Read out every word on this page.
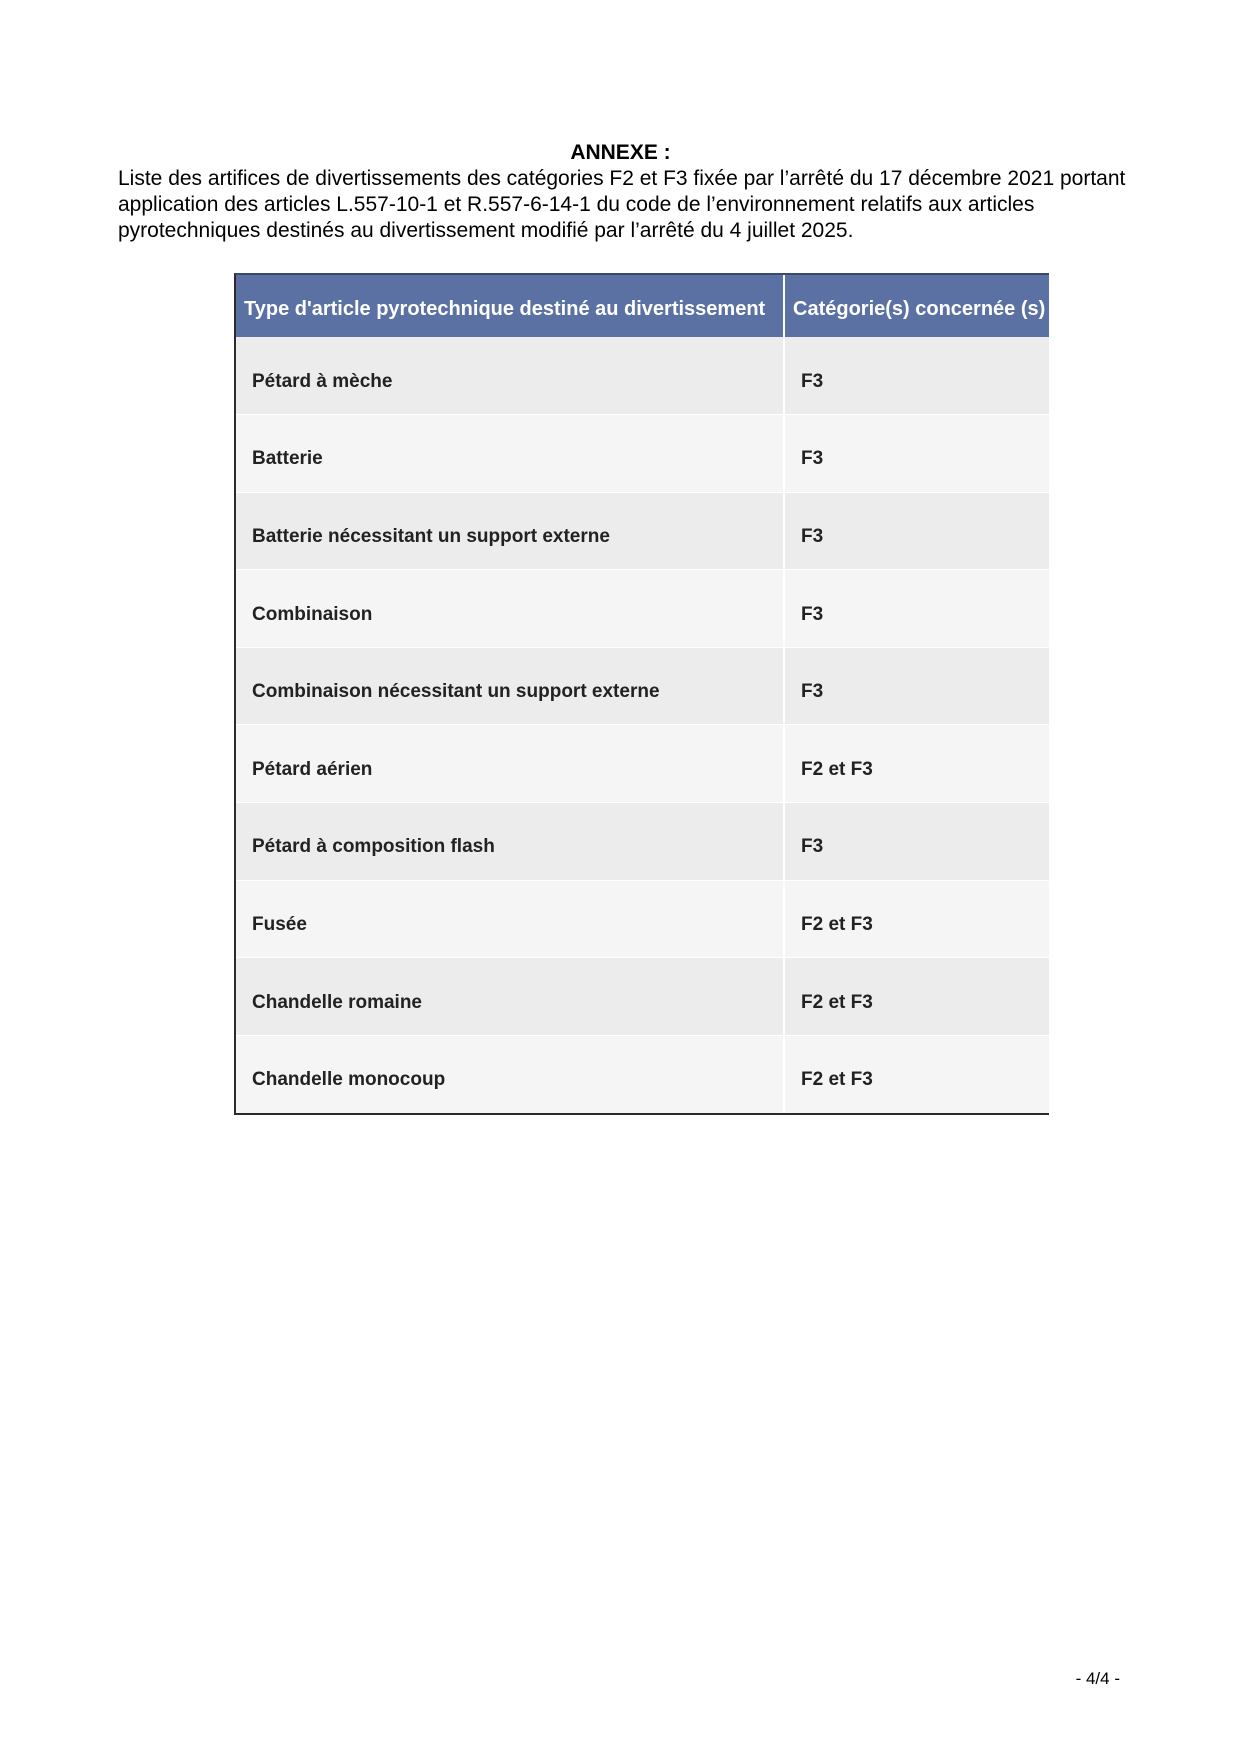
ANNEXE :
Liste des artifices de divertissements des catégories F2 et F3 fixée par l’arrêté du 17 décembre 2021 portant application des articles L.557-10-1 et R.557-6-14-1 du code de l’environnement relatifs aux articles pyrotechniques destinés au divertissement modifié par l’arrêté du 4 juillet 2025.
Type d'article pyrotechnique destiné au divertissement	Catégorie(s) concernée (s)
Pétard à mèche	F3
Batterie	F3
Batterie nécessitant un support externe	F3
Combinaison	F3
Combinaison nécessitant un support externe	F3
Pétard aérien	F2 et F3
Pétard à composition flash	F3
Fusée	F2 et F3
Chandelle romaine	F2 et F3
Chandelle monocoup	F2 et F3
- 4/4 -
